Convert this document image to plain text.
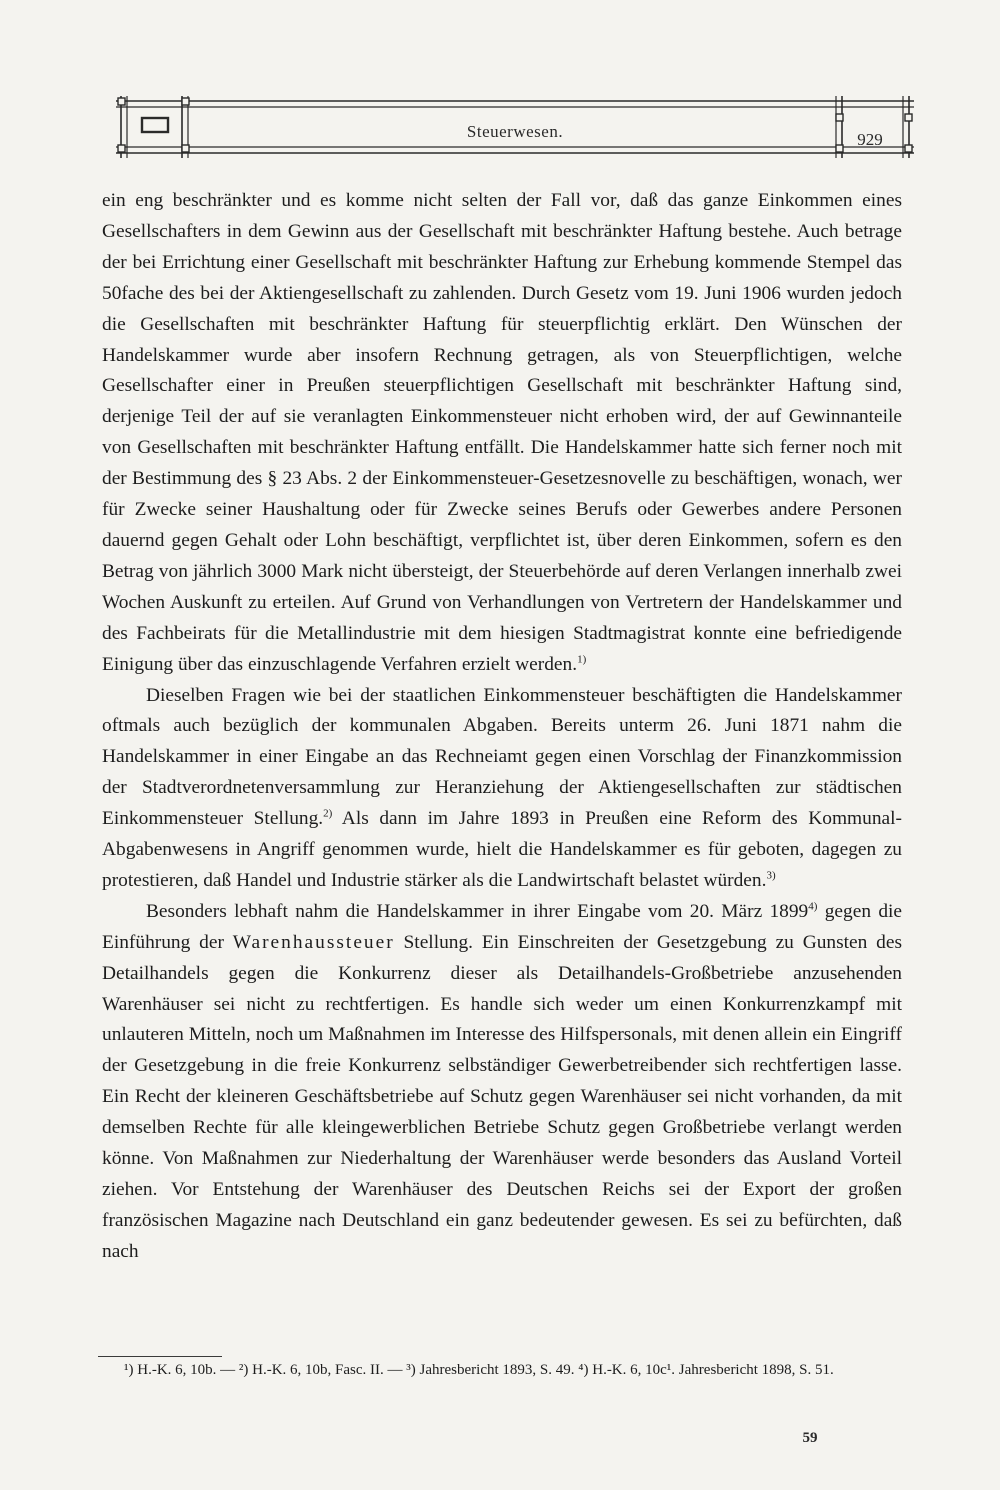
Steuerwesen.	929

ein eng beschränkter und es komme nicht selten der Fall vor, daß das ganze Einkommen eines Gesellschafters in dem Gewinn aus der Gesellschaft mit beschränkter Haftung bestehe. Auch betrage der bei Errichtung einer Gesellschaft mit beschränkter Haftung zur Erhebung kommende Stempel das 50fache des bei der Aktiengesellschaft zu zahlenden. Durch Gesetz vom 19. Juni 1906 wurden jedoch die Gesellschaften mit beschränkter Haftung für steuerpflichtig erklärt. Den Wünschen der Handelskammer wurde aber insofern Rechnung getragen, als von Steuerpflichtigen, welche Gesellschafter einer in Preußen steuerpflichtigen Gesellschaft mit beschränkter Haftung sind, derjenige Teil der auf sie veranlagten Einkommensteuer nicht erhoben wird, der auf Gewinnanteile von Gesellschaften mit beschränkter Haftung entfällt. Die Handelskammer hatte sich ferner noch mit der Bestimmung des § 23 Abs. 2 der Einkommensteuer-Gesetzesnovelle zu beschäftigen, wonach, wer für Zwecke seiner Haushaltung oder für Zwecke seines Berufs oder Gewerbes andere Personen dauernd gegen Gehalt oder Lohn beschäftigt, verpflichtet ist, über deren Einkommen, sofern es den Betrag von jährlich 3000 Mark nicht übersteigt, der Steuerbehörde auf deren Verlangen innerhalb zwei Wochen Auskunft zu erteilen. Auf Grund von Verhandlungen von Vertretern der Handelskammer und des Fachbeirats für die Metallindustrie mit dem hiesigen Stadtmagistrat konnte eine befriedigende Einigung über das einzuschlagende Verfahren erzielt werden.$^{1)}$

Dieselben Fragen wie bei der staatlichen Einkommensteuer beschäftigten die Handelskammer oftmals auch bezüglich der kommunalen Abgaben. Bereits unterm 26. Juni 1871 nahm die Handelskammer in einer Eingabe an das Rechneiamt gegen einen Vorschlag der Finanzkommission der Stadtverordnetenversammlung zur Heranziehung der Aktiengesellschaften zur städtischen Einkommensteuer Stellung.$^{2)}$ Als dann im Jahre 1893 in Preußen eine Reform des Kommunal-Abgabenwesens in Angriff genommen wurde, hielt die Handelskammer es für geboten, dagegen zu protestieren, daß Handel und Industrie stärker als die Landwirtschaft belastet würden.$^{3)}$

Besonders lebhaft nahm die Handelskammer in ihrer Eingabe vom 20. März 1899$^{4)}$ gegen die Einführung der Warenhaussteuer Stellung. Ein Einschreiten der Gesetzgebung zu Gunsten des Detailhandels gegen die Konkurrenz dieser als Detailhandels-Großbetriebe anzusehenden Warenhäuser sei nicht zu rechtfertigen. Es handle sich weder um einen Konkurrenzkampf mit unlauteren Mitteln, noch um Maßnahmen im Interesse des Hilfspersonals, mit denen allein ein Eingriff der Gesetzgebung in die freie Konkurrenz selbständiger Gewerbetreibender sich rechtfertigen lasse. Ein Recht der kleineren Geschäftsbetriebe auf Schutz gegen Warenhäuser sei nicht vorhanden, da mit demselben Rechte für alle kleingewerblichen Betriebe Schutz gegen Großbetriebe verlangt werden könne. Von Maßnahmen zur Niederhaltung der Warenhäuser werde besonders das Ausland Vorteil ziehen. Vor Entstehung der Warenhäuser des Deutschen Reichs sei der Export der großen französischen Magazine nach Deutschland ein ganz bedeutender gewesen. Es sei zu befürchten, daß nach

¹) H.-K. 6, 10b. — ²) H.-K. 6, 10b, Fasc. II. — ³) Jahresbericht 1893, S. 49. ⁴) H.-K. 6, 10c¹. Jahresbericht 1898, S. 51.

59
